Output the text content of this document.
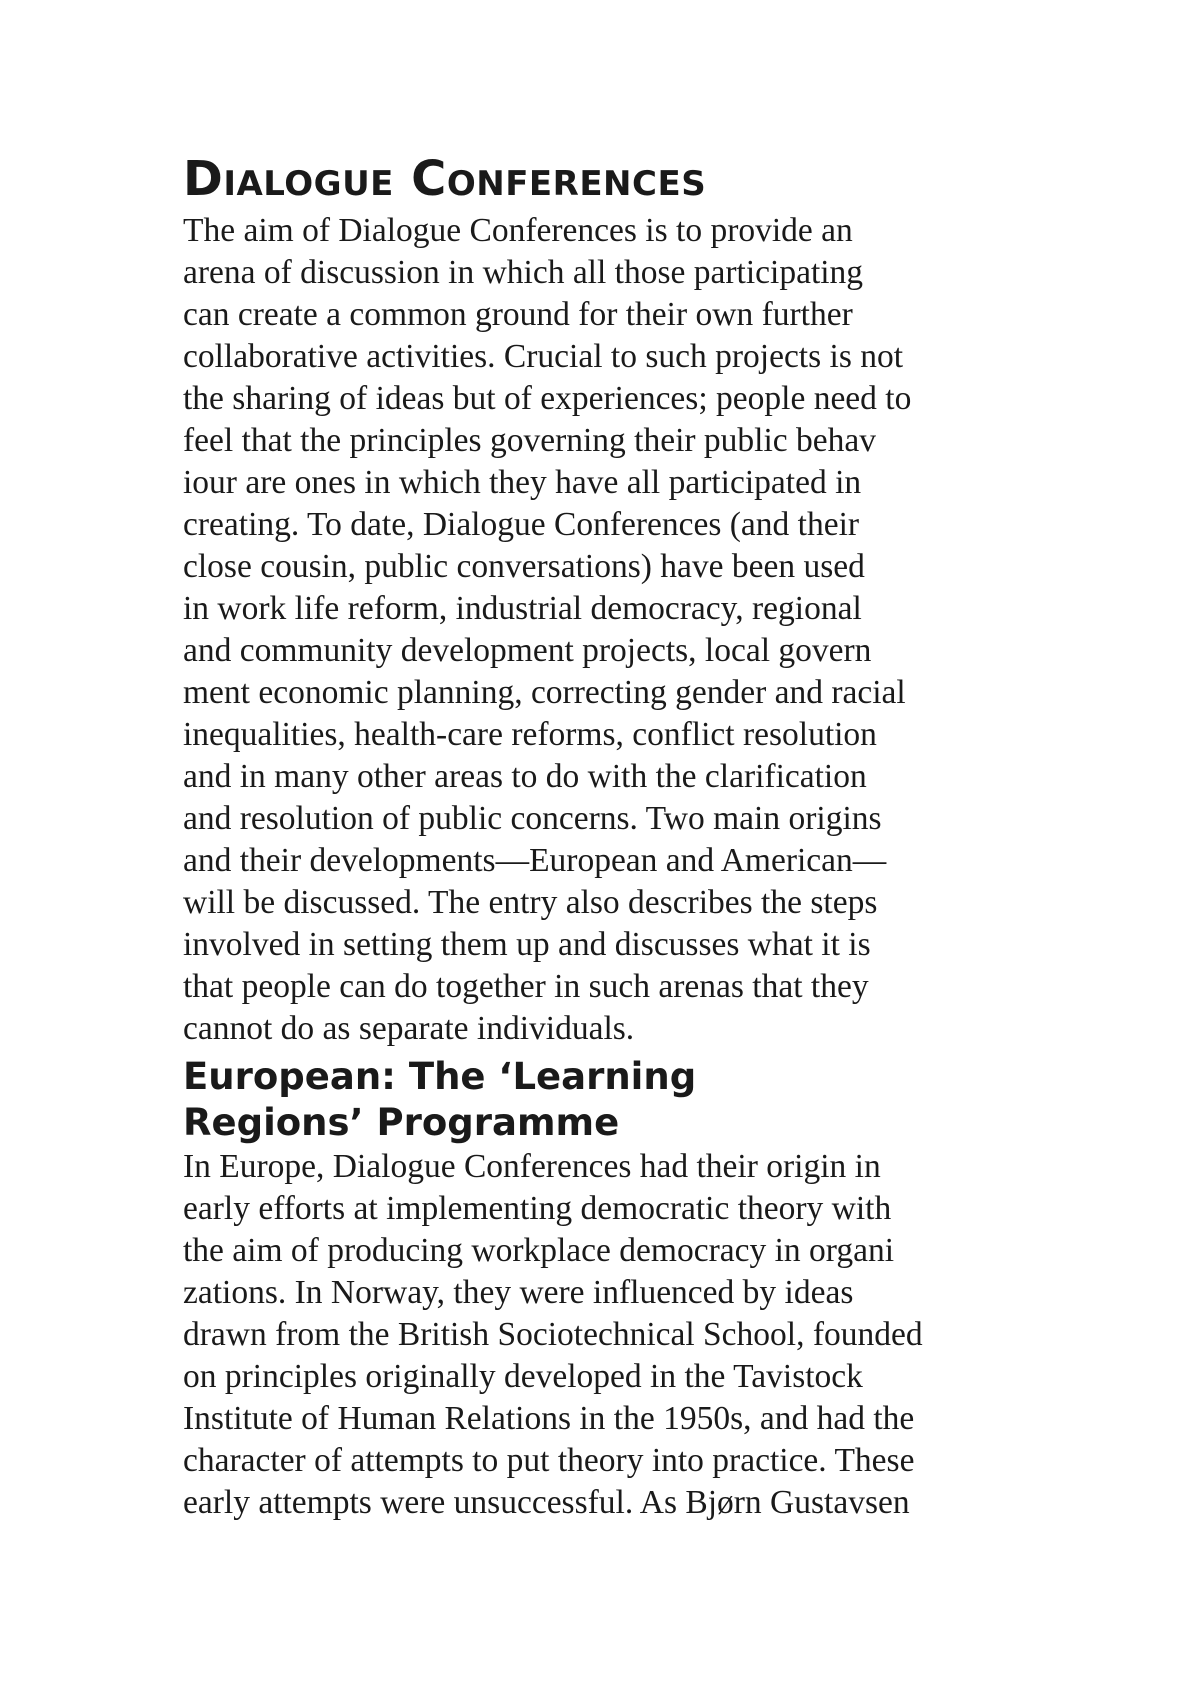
Dialogue Conferences
The aim of Dialogue Conferences is to provide an
arena of discussion in which all those participating
can create a common ground for their own further
collaborative activities. Crucial to such projects is not
the sharing of ideas but of experiences; people need to
feel that the principles governing their public behav
iour are ones in which they have all participated in
creating. To date, Dialogue Conferences (and their
close cousin, public conversations) have been used
in work life reform, industrial democracy, regional
and community development projects, local govern
ment economic planning, correcting gender and racial
inequalities, health-care reforms, conflict resolution
and in many other areas to do with the clarification
and resolution of public concerns. Two main origins
and their developments—European and American—
will be discussed. The entry also describes the steps
involved in setting them up and discusses what it is
that people can do together in such arenas that they
cannot do as separate individuals.
European: The ‘Learning
Regions’ Programme
In Europe, Dialogue Conferences had their origin in
early efforts at implementing democratic theory with
the aim of producing workplace democracy in organi
zations. In Norway, they were influenced by ideas
drawn from the British Sociotechnical School, founded
on principles originally developed in the Tavistock
Institute of Human Relations in the 1950s, and had the
character of attempts to put theory into practice. These
early attempts were unsuccessful. As Bjørn Gustavsen
